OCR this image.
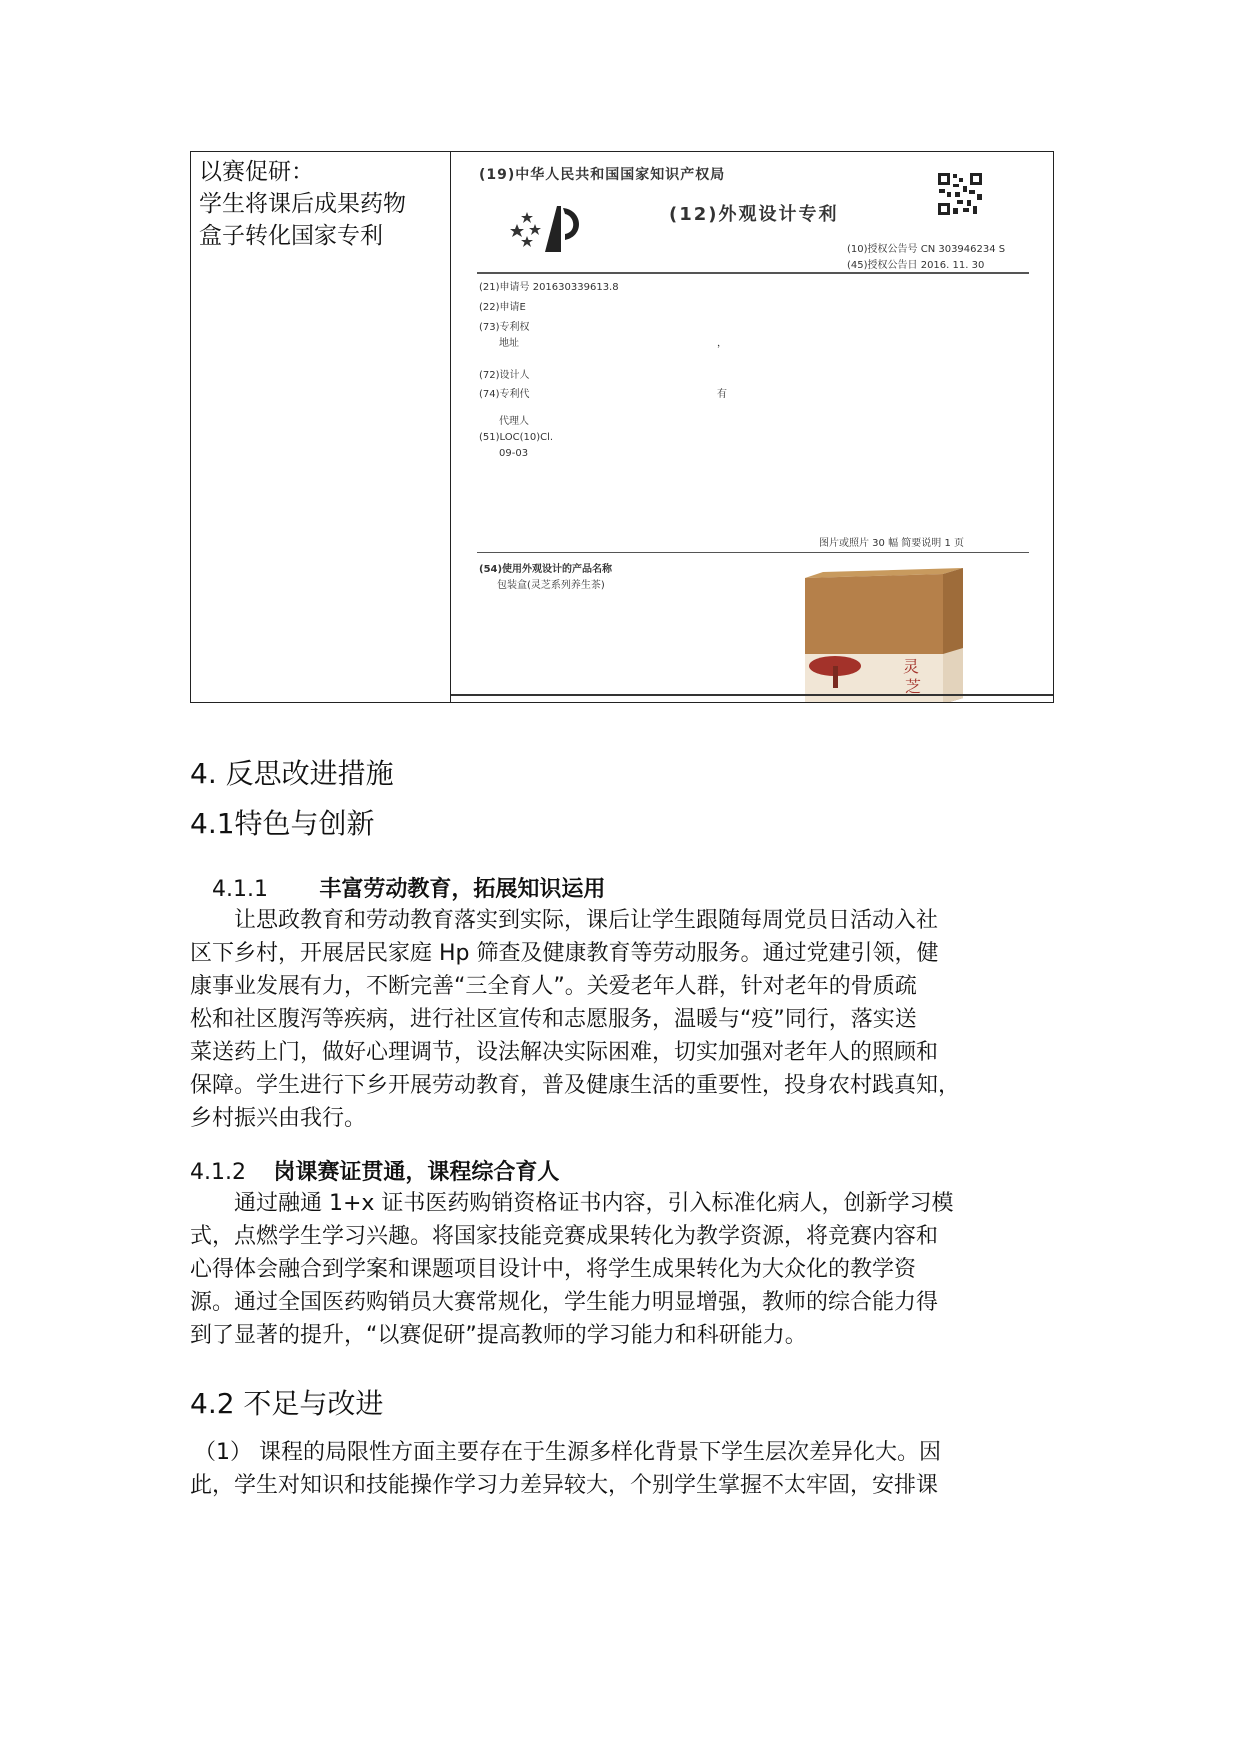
以赛促研：
学生将课后成果药物
盒子转化国家专利
(19)中华人民共和国国家知识产权局
(12)外观设计专利
(10)授权公告号 CN 303946234 S
(45)授权公告日 2016. 11. 30
(21)申请号 201630339613.8
(22)申请E
(73)专利权
地址	，
(72)设计人
(74)专利代	有
代理人
(51)LOC(10)Cl.
09-03
图片或照片 30 幅 简要说明 1 页
(54)使用外观设计的产品名称
包装盒(灵芝系列养生茶)
灵
芝
4. 反思改进措施
4.1特色与创新
4.1.1 丰富劳动教育，拓展知识运用
让思政教育和劳动教育落实到实际，课后让学生跟随每周党员日活动入社
区下乡村，开展居民家庭 Hp 筛查及健康教育等劳动服务。通过党建引领，健
康事业发展有力，不断完善“三全育人”。关爱老年人群，针对老年的骨质疏
松和社区腹泻等疾病，进行社区宣传和志愿服务，温暖与“疫”同行，落实送
菜送药上门，做好心理调节，设法解决实际困难，切实加强对老年人的照顾和
保障。学生进行下乡开展劳动教育，普及健康生活的重要性，投身农村践真知，
乡村振兴由我行。
4.1.2 岗课赛证贯通，课程综合育人
通过融通 1+x 证书医药购销资格证书内容，引入标准化病人，创新学习模
式，点燃学生学习兴趣。将国家技能竞赛成果转化为教学资源，将竞赛内容和
心得体会融合到学案和课题项目设计中，将学生成果转化为大众化的教学资
源。通过全国医药购销员大赛常规化，学生能力明显增强，教师的综合能力得
到了显著的提升，“以赛促研”提高教师的学习能力和科研能力。
4.2 不足与改进
（1） 课程的局限性方面主要存在于生源多样化背景下学生层次差异化大。因
此，学生对知识和技能操作学习力差异较大，个别学生掌握不太牢固，安排课
